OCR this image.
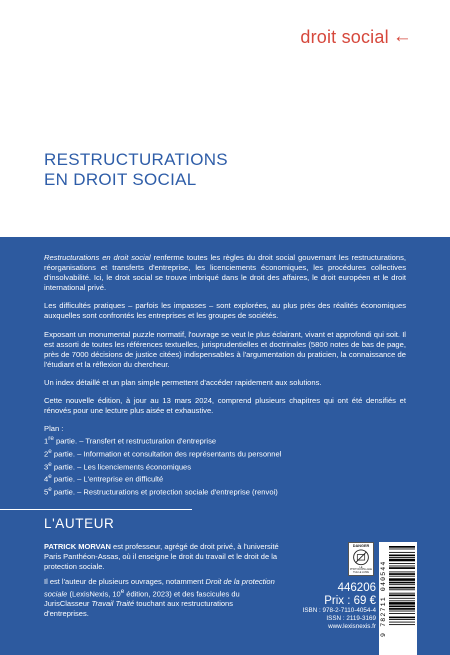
droit social ←
RESTRUCTURATIONS
EN DROIT SOCIAL

Restructurations en droit social renferme toutes les règles du droit social gouvernant les restructurations, réorganisations et transferts d'entreprise, les licenciements économiques, les procédures collectives d'insolvabilité. Ici, le droit social se trouve imbriqué dans le droit des affaires, le droit européen et le droit international privé.

Les difficultés pratiques – parfois les impasses – sont explorées, au plus près des réalités économiques auxquelles sont confrontés les entreprises et les groupes de sociétés.

Exposant un monumental puzzle normatif, l'ouvrage se veut le plus éclairant, vivant et approfondi qui soit. Il est assorti de toutes les références textuelles, jurisprudentielles et doctrinales (5800 notes de bas de page, près de 7000 décisions de justice citées) indispensables à l'argumentation du praticien, la connaissance de l'étudiant et la réflexion du chercheur.

Un index détaillé et un plan simple permettent d'accéder rapidement aux solutions.

Cette nouvelle édition, à jour au 13 mars 2024, comprend plusieurs chapitres qui ont été densifiés et rénovés pour une lecture plus aisée et exhaustive.

Plan :

1re partie. – Transfert et restructuration d'entreprise
2e partie. – Information et consultation des représentants du personnel
3e partie. – Les licenciements économiques
4e partie. – L'entreprise en difficulté
5e partie. – Restructurations et protection sociale d'entreprise (renvoi)
L'AUTEUR

PATRICK MORVAN est professeur, agrégé de droit privé, à l'université Paris Panthéon-Assas, où il enseigne le droit du travail et le droit de la protection sociale.

Il est l'auteur de plusieurs ouvrages, notamment Droit de la protection sociale (LexisNexis, 10e édition, 2023) et des fascicules du JurisClasseur Travail Traité touchant aux restructurations d'entreprises.

DANGER
LE PHOTOCOPILLAGE TUE LE LIVRE
446206
Prix : 69 €
ISBN : 978-2-7110-4054-4
ISSN : 2119-3169
www.lexisnexis.fr 9 782711 040544
